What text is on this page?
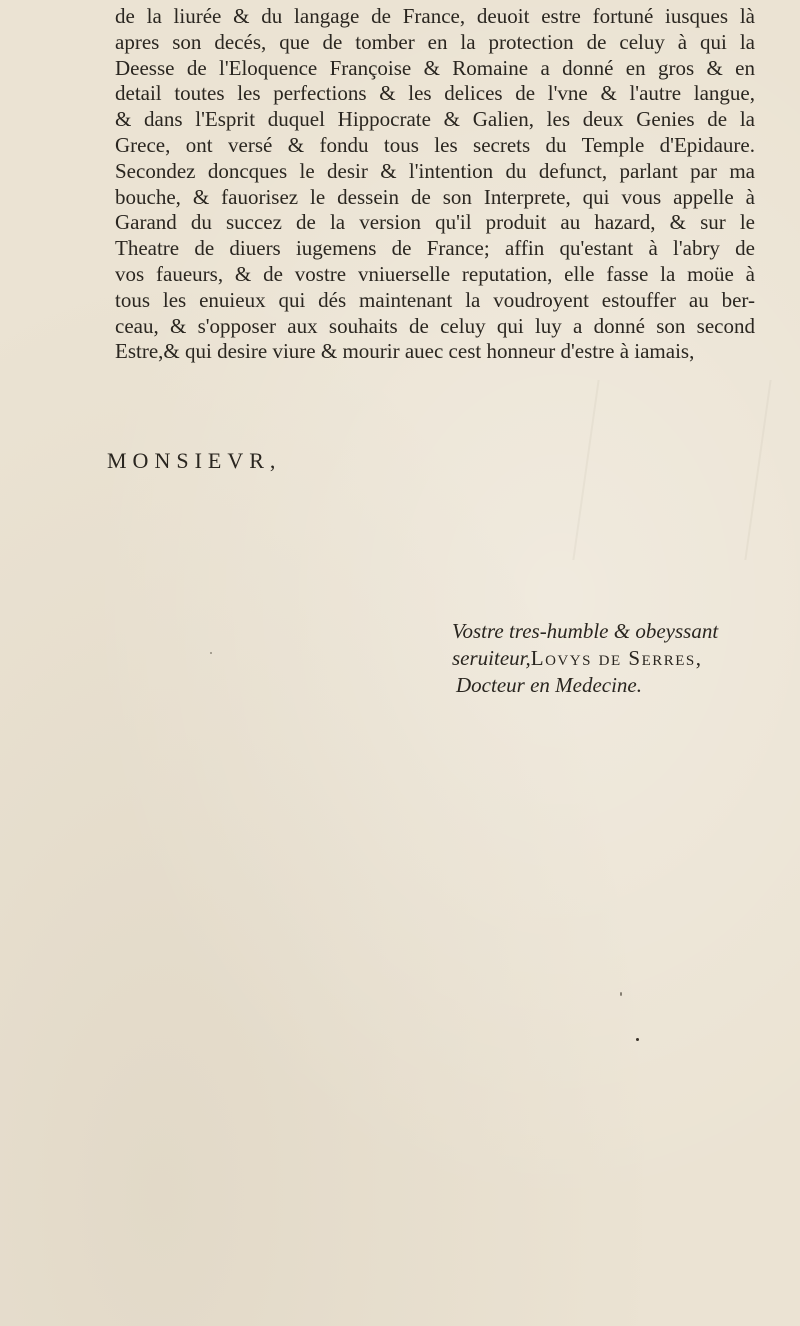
de la liurée & du langage de France, deuoit estre fortuné iusques là
apres son decés, que de tomber en la protection de celuy à qui la
Deesse de l'Eloquence Françoise & Romaine a donné en gros & en
detail toutes les perfections & les delices de l'vne & l'autre langue,
& dans l'Esprit duquel Hippocrate & Galien, les deux Genies de la
Grece, ont versé & fondu tous les secrets du Temple d'Epidaure.
Secondez doncques le desir & l'intention du defunct, parlant par ma
bouche, & fauorisez le dessein de son Interprete, qui vous appelle à
Garand du succez de la version qu'il produit au hazard, & sur le
Theatre de diuers iugemens de France; affin qu'estant à l'abry de
vos faueurs, & de vostre vniuerselle reputation, elle fasse la moüe à
tous les enuieux qui dés maintenant la voudroyent estouffer au ber-
ceau, & s'opposer aux souhaits de celuy qui luy a donné son second
Estre,& qui desire viure & mourir auec cest honneur d'estre à iamais,

MONSIEVR,

Vostre tres-humble & obeyssant
seruiteur,Lovys de Serres,
Docteur en Medecine.
